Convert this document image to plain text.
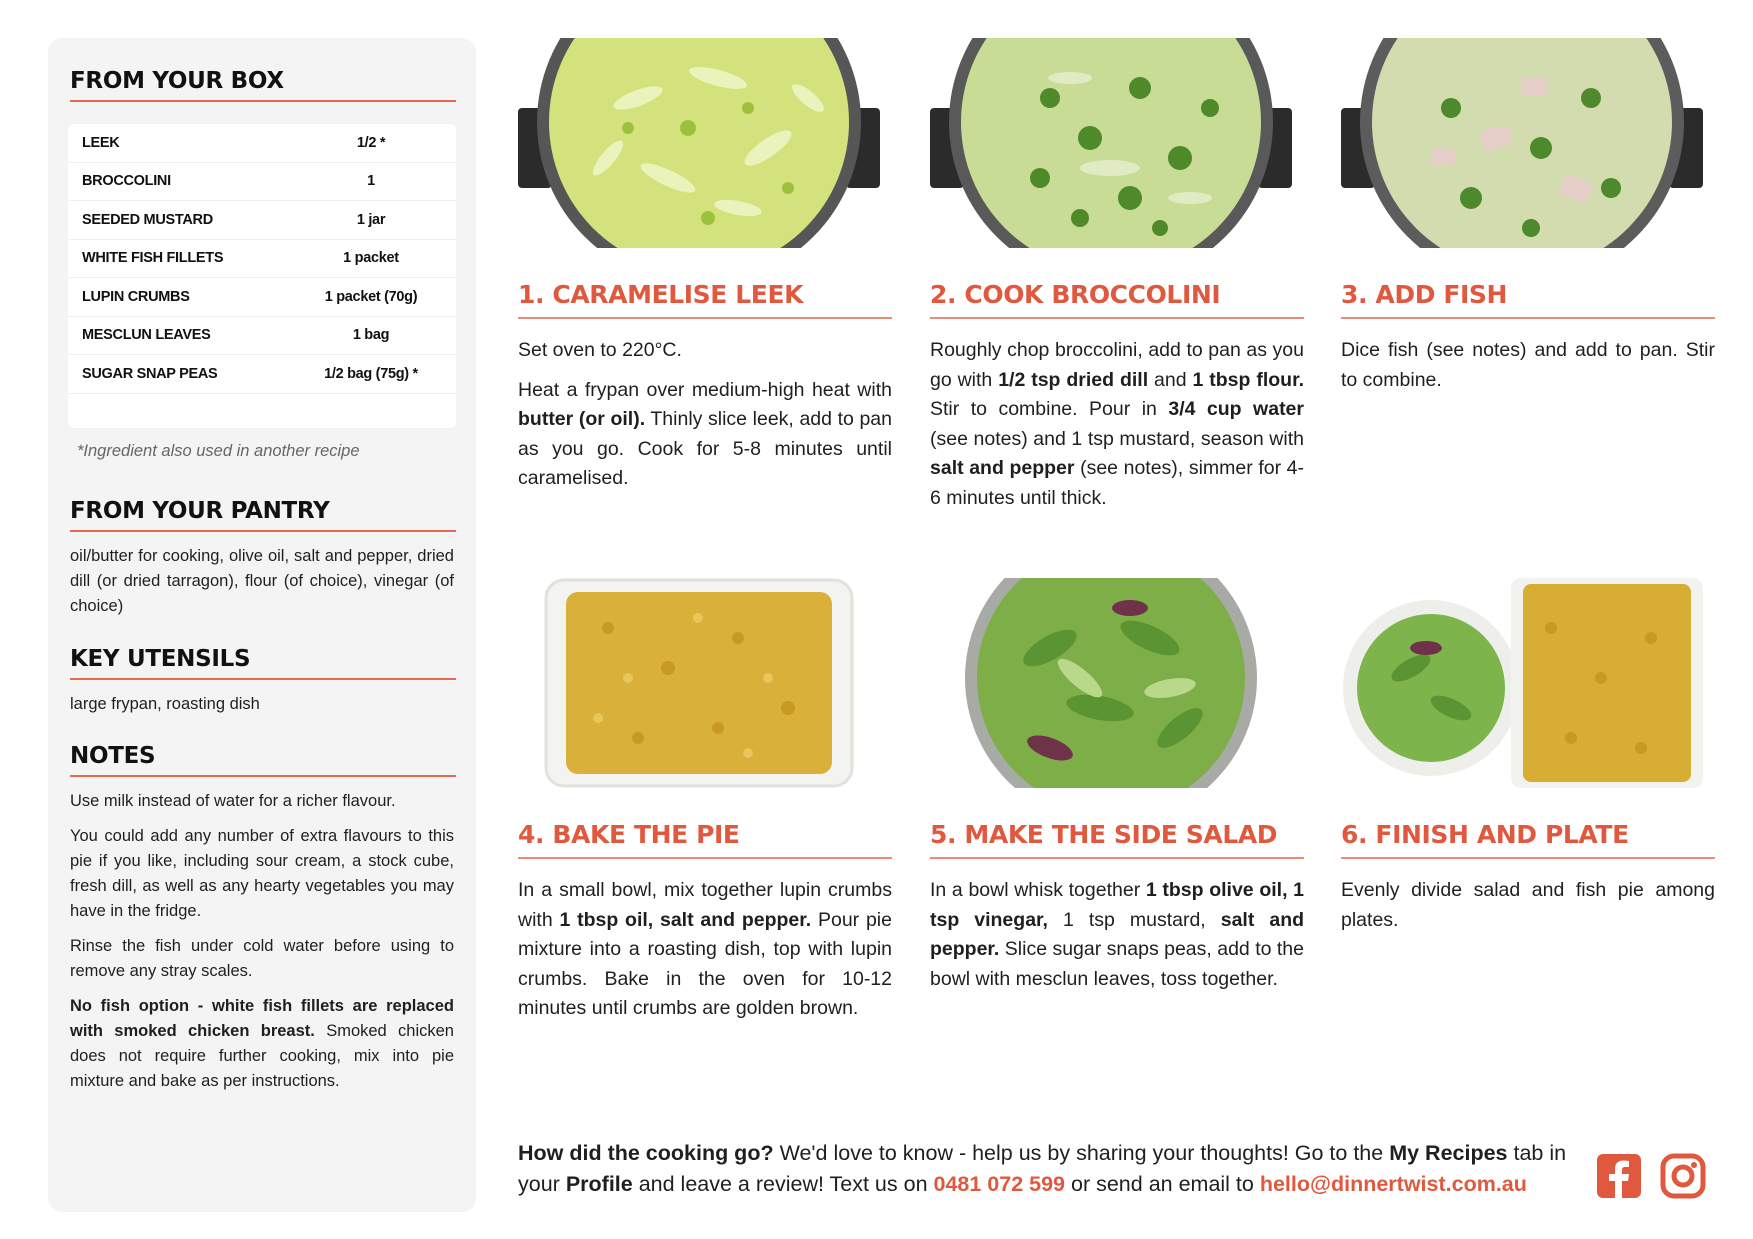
FROM YOUR BOX
LEEK	1/2 *
BROCCOLINI	1
SEEDED MUSTARD	1 jar
WHITE FISH FILLETS	1 packet
LUPIN CRUMBS	1 packet (70g)
MESCLUN LEAVES	1 bag
SUGAR SNAP PEAS	1/2 bag (75g) *
*Ingredient also used in another recipe
FROM YOUR PANTRY
oil/butter for cooking, olive oil, salt and pepper, dried dill (or dried tarragon), flour (of choice), vinegar (of choice)
KEY UTENSILS
large frypan, roasting dish
NOTES

Use milk instead of water for a richer flavour.

You could add any number of extra flavours to this pie if you like, including sour cream, a stock cube, fresh dill, as well as any hearty vegetables you may have in the fridge.

Rinse the fish under cold water before using to remove any stray scales.

No fish option - white fish fillets are replaced with smoked chicken breast. Smoked chicken does not require further cooking, mix into pie mixture and bake as per instructions.

1. CARAMELISE LEEK

Set oven to 220°C.

Heat a frypan over medium-high heat with butter (or oil). Thinly slice leek, add to pan as you go. Cook for 5-8 minutes until caramelised.

2. COOK BROCCOLINI

Roughly chop broccolini, add to pan as you go with 1/2 tsp dried dill and 1 tbsp flour. Stir to combine. Pour in 3/4 cup water (see notes) and 1 tsp mustard, season with salt and pepper (see notes), simmer for 4-6 minutes until thick.

3. ADD FISH

Dice fish (see notes) and add to pan. Stir to combine.

4. BAKE THE PIE

In a small bowl, mix together lupin crumbs with 1 tbsp oil, salt and pepper. Pour pie mixture into a roasting dish, top with lupin crumbs. Bake in the oven for 10-12 minutes until crumbs are golden brown.

5. MAKE THE SIDE SALAD

In a bowl whisk together 1 tbsp olive oil, 1 tsp vinegar, 1 tsp mustard, salt and pepper. Slice sugar snaps peas, add to the bowl with mesclun leaves, toss together.

6. FINISH AND PLATE

Evenly divide salad and fish pie among plates.

How did the cooking go? We'd love to know - help us by sharing your thoughts! Go to the My Recipes tab in your Profile and leave a review! Text us on 0481 072 599 or send an email to hello@dinnertwist.com.au
